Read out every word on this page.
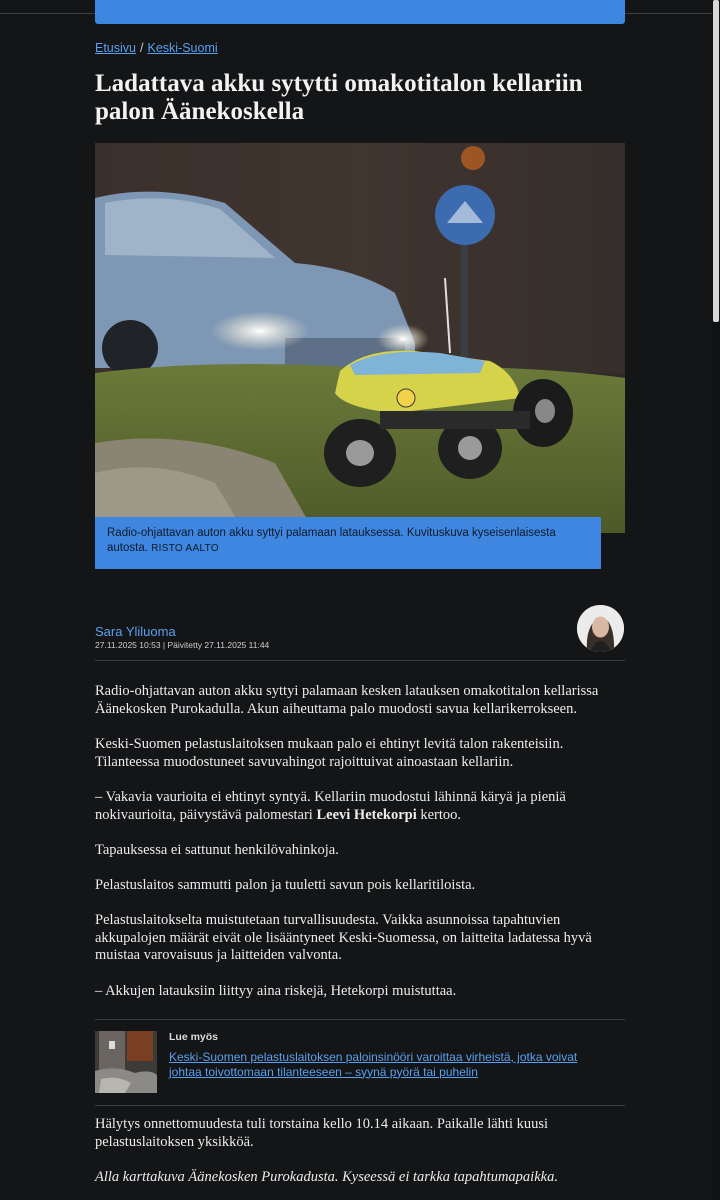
Etusivu / Keski-Suomi
Ladattava akku sytytti omakotitalon kellariin palon Äänekoskella
Radio-ohjattavan auton akku syttyi palamaan latauksessa. Kuvituskuva kyseisenlaisesta autosta. RISTO AALTO
Sara Yliluoma
27.11.2025 10:53 | Päivitetty 27.11.2025 11:44

Radio-ohjattavan auton akku syttyi palamaan kesken latauksen omakotitalon kellarissa Äänekosken Purokadulla. Akun aiheuttama palo muodosti savua kellarikerrokseen.

Keski-Suomen pelastuslaitoksen mukaan palo ei ehtinyt levitä talon rakenteisiin. Tilanteessa muodostuneet savuvahingot rajoittuivat ainoastaan kellariin.

– Vakavia vaurioita ei ehtinyt syntyä. Kellariin muodostui lähinnä käryä ja pieniä nokivaurioita, päivystävä palomestari Leevi Hetekorpi kertoo.

Tapauksessa ei sattunut henkilövahinkoja.

Pelastuslaitos sammutti palon ja tuuletti savun pois kellaritiloista.

Pelastuslaitokselta muistutetaan turvallisuudesta. Vaikka asunnoissa tapahtuvien akkupalojen määrät eivät ole lisääntyneet Keski-Suomessa, on laitteita ladatessa hyvä muistaa varovaisuus ja laitteiden valvonta.

– Akkujen latauksiin liittyy aina riskejä, Hetekorpi muistuttaa.

Lue myös
Keski-Suomen pelastuslaitoksen paloinsinööri varoittaa virheistä, jotka voivat johtaa toivottomaan tilanteeseen – syynä pyörä tai puhelin

Hälytys onnettomuudesta tuli torstaina kello 10.14 aikaan. Paikalle lähti kuusi pelastuslaitoksen yksikköä.

Alla karttakuva Äänekosken Purokadusta. Kyseessä ei tarkka tapahtumapaikka.
